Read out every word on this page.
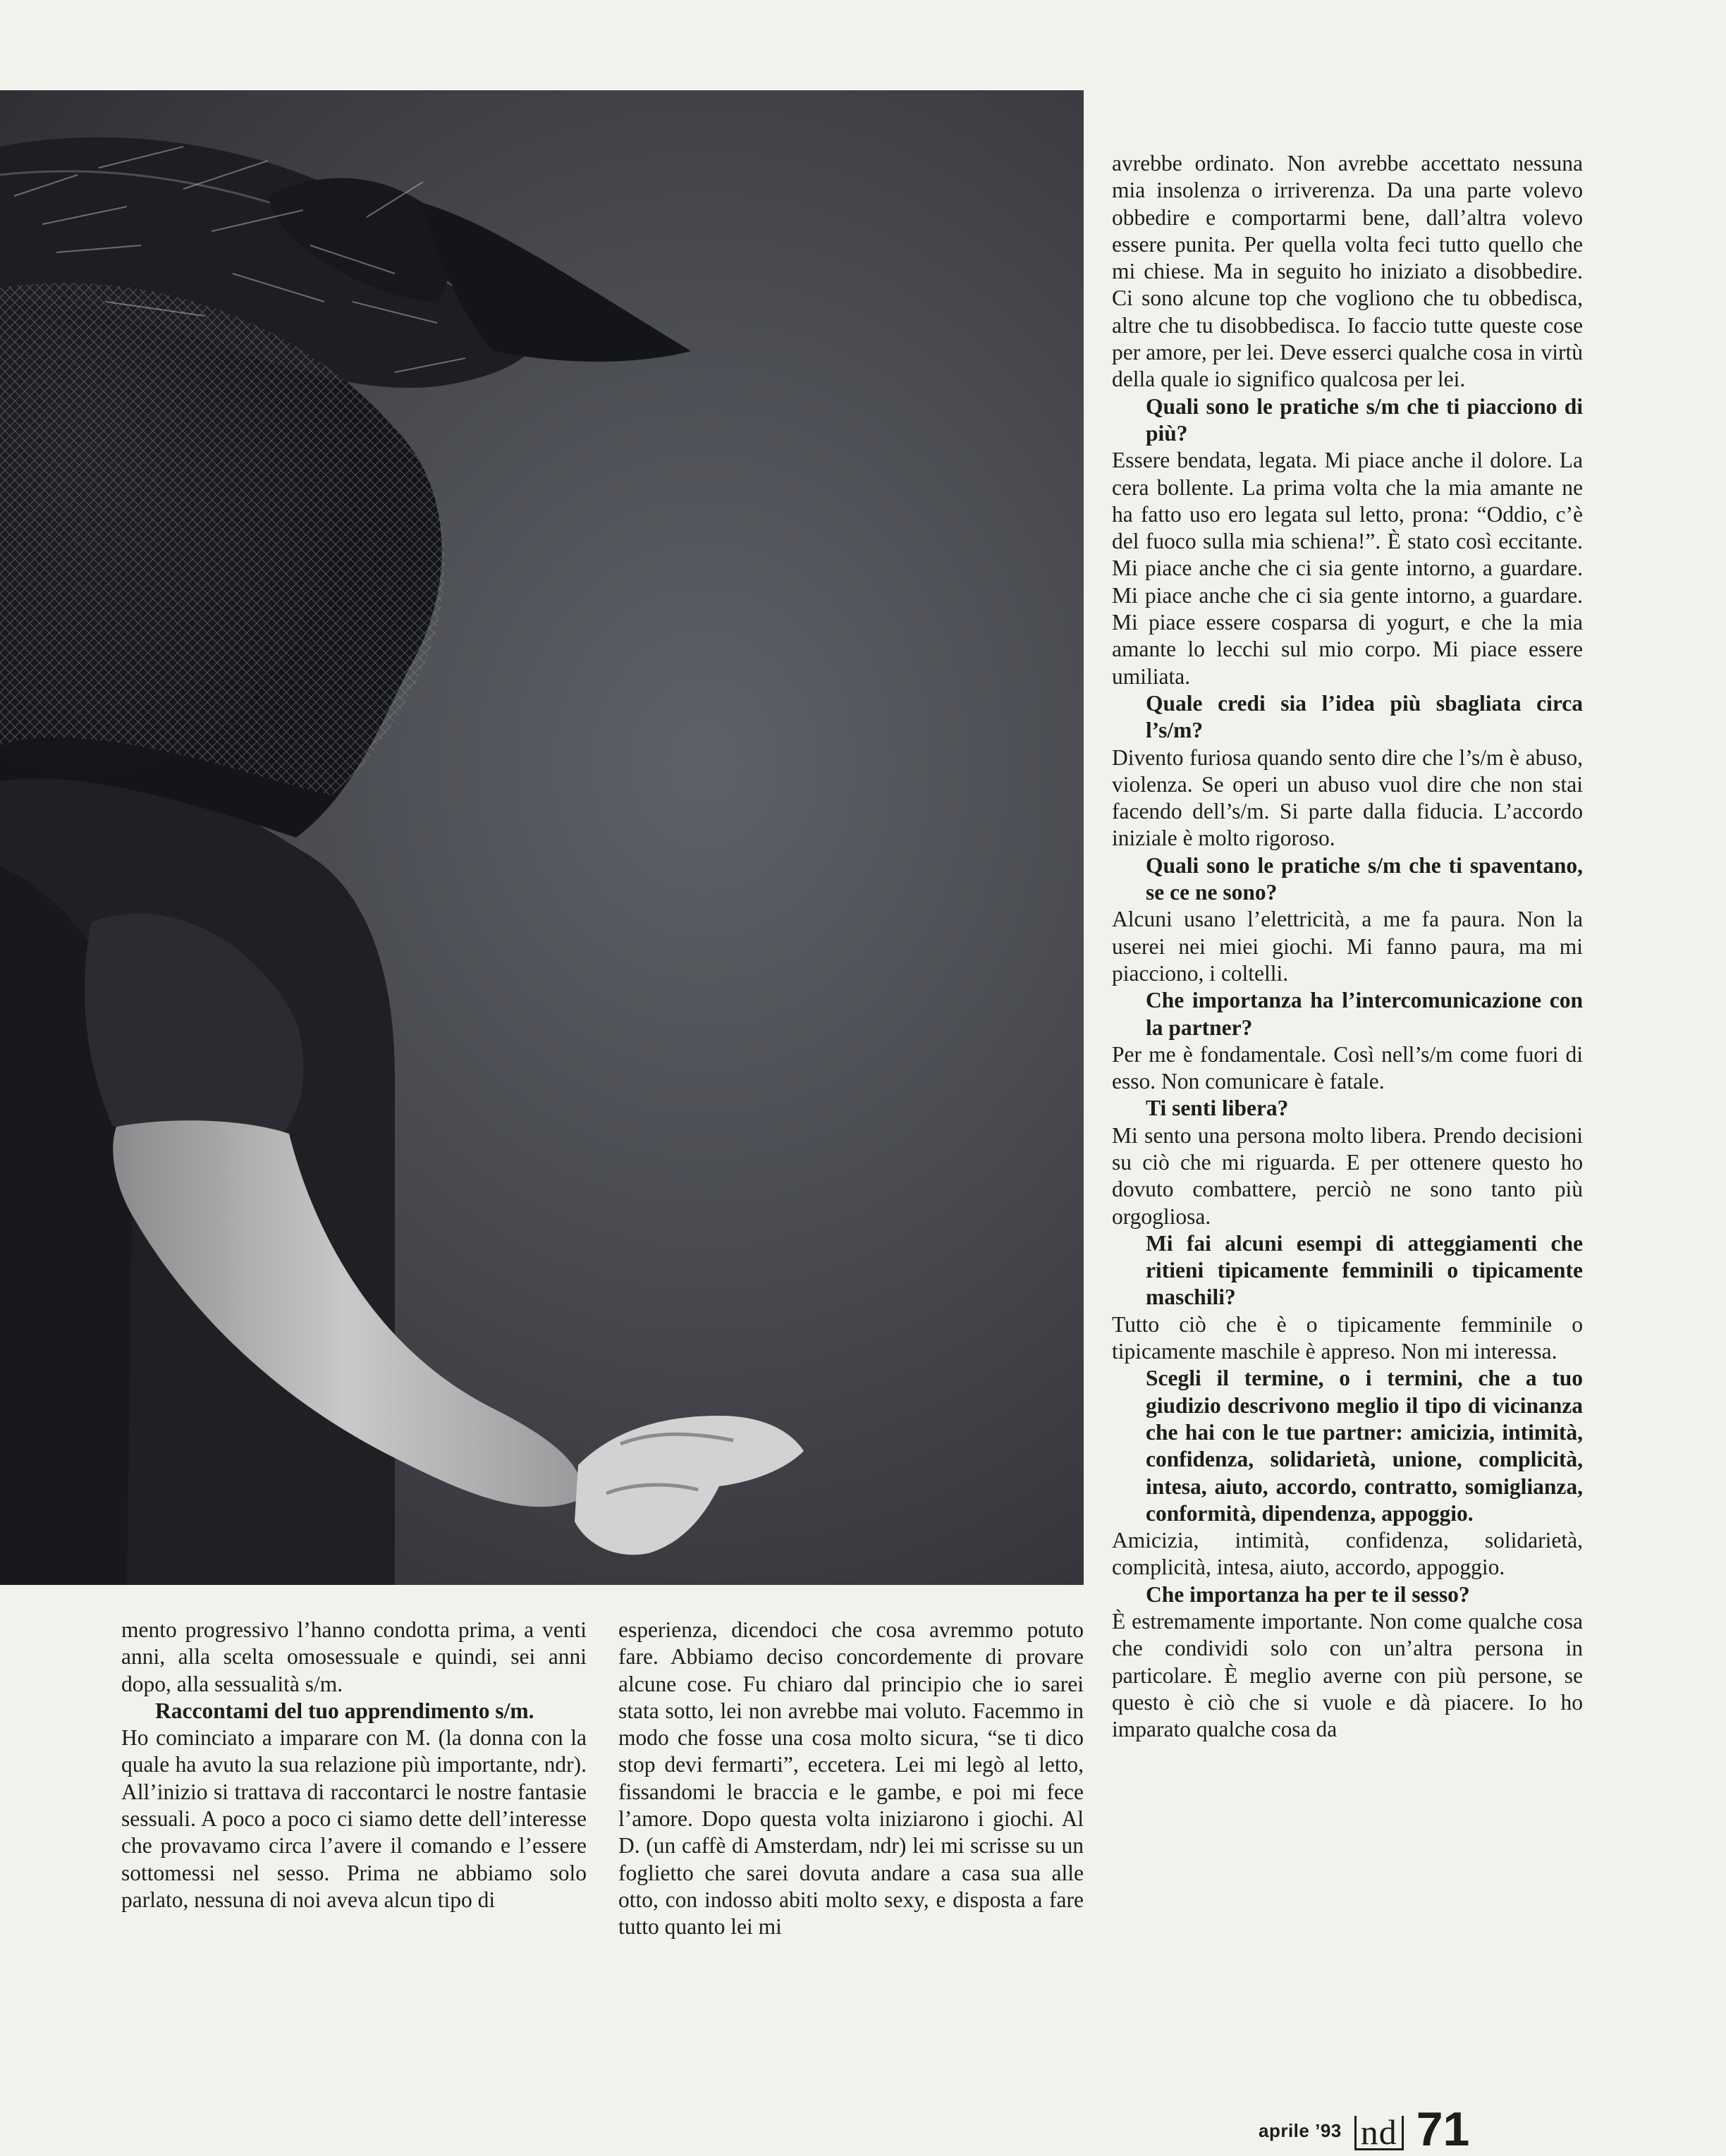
mento progressivo l’hanno condotta prima, a venti anni, alla scelta omosessuale e quindi, sei anni dopo, alla sessualità s/m.

Raccontami del tuo apprendimento s/m.

Ho cominciato a imparare con M. (la donna con la quale ha avuto la sua relazione più importante, ndr). All’inizio si trattava di raccontarci le nostre fantasie sessuali. A poco a poco ci siamo dette dell’interesse che provavamo circa l’avere il comando e l’essere sottomessi nel sesso. Prima ne abbiamo solo parlato, nessuna di noi aveva alcun tipo di

esperienza, dicendoci che cosa avremmo potuto fare. Abbiamo deciso concordemente di provare alcune cose. Fu chiaro dal principio che io sarei stata sotto, lei non avrebbe mai voluto. Facemmo in modo che fosse una cosa molto sicura, “se ti dico stop devi fermarti”, eccetera. Lei mi legò al letto, fissandomi le braccia e le gambe, e poi mi fece l’amore. Dopo questa volta iniziarono i giochi. Al D. (un caffè di Amsterdam, ndr) lei mi scrisse su un foglietto che sarei dovuta andare a casa sua alle otto, con indosso abiti molto sexy, e disposta a fare tutto quanto lei mi

avrebbe ordinato. Non avrebbe accettato nessuna mia insolenza o irriverenza. Da una parte volevo obbedire e comportarmi bene, dall’altra volevo essere punita. Per quella volta feci tutto quello che mi chiese. Ma in seguito ho iniziato a disobbedire. Ci sono alcune top che vogliono che tu obbedisca, altre che tu disobbedisca. Io faccio tutte queste cose per amore, per lei. Deve esserci qualche cosa in virtù della quale io significo qualcosa per lei.

Quali sono le pratiche s/m che ti piacciono di più?

Essere bendata, legata. Mi piace anche il dolore. La cera bollente. La prima volta che la mia amante ne ha fatto uso ero legata sul letto, prona: “Oddio, c’è del fuoco sulla mia schiena!”. È stato così eccitante. Mi piace anche che ci sia gente intorno, a guardare. Mi piace anche che ci sia gente intorno, a guardare. Mi piace essere cosparsa di yogurt, e che la mia amante lo lecchi sul mio corpo. Mi piace essere umiliata.

Quale credi sia l’idea più sbagliata circa l’s/m?

Divento furiosa quando sento dire che l’s/m è abuso, violenza. Se operi un abuso vuol dire che non stai facendo dell’s/m. Si parte dalla fiducia. L’accordo iniziale è molto rigoroso.

Quali sono le pratiche s/m che ti spaventano, se ce ne sono?

Alcuni usano l’elettricità, a me fa paura. Non la userei nei miei giochi. Mi fanno paura, ma mi piacciono, i coltelli.

Che importanza ha l’intercomunicazione con la partner?

Per me è fondamentale. Così nell’s/m come fuori di esso. Non comunicare è fatale.

Ti senti libera?

Mi sento una persona molto libera. Prendo decisioni su ciò che mi riguarda. E per ottenere questo ho dovuto combattere, perciò ne sono tanto più orgogliosa.

Mi fai alcuni esempi di atteggiamenti che ritieni tipicamente femminili o tipicamente maschili?

Tutto ciò che è o tipicamente femminile o tipicamente maschile è appreso. Non mi interessa.

Scegli il termine, o i termini, che a tuo giudizio descrivono meglio il tipo di vicinanza che hai con le tue partner: amicizia, intimità, confidenza, solidarietà, unione, complicità, intesa, aiuto, accordo, contratto, somiglianza, conformità, dipendenza, appoggio.

Amicizia, intimità, confidenza, solidarietà, complicità, intesa, aiuto, accordo, appoggio.

Che importanza ha per te il sesso?

È estremamente importante. Non come qualche cosa che condividi solo con un’altra persona in particolare. È meglio averne con più persone, se questo è ciò che si vuole e dà piacere. Io ho imparato qualche cosa da

aprile ’93 nd 71
